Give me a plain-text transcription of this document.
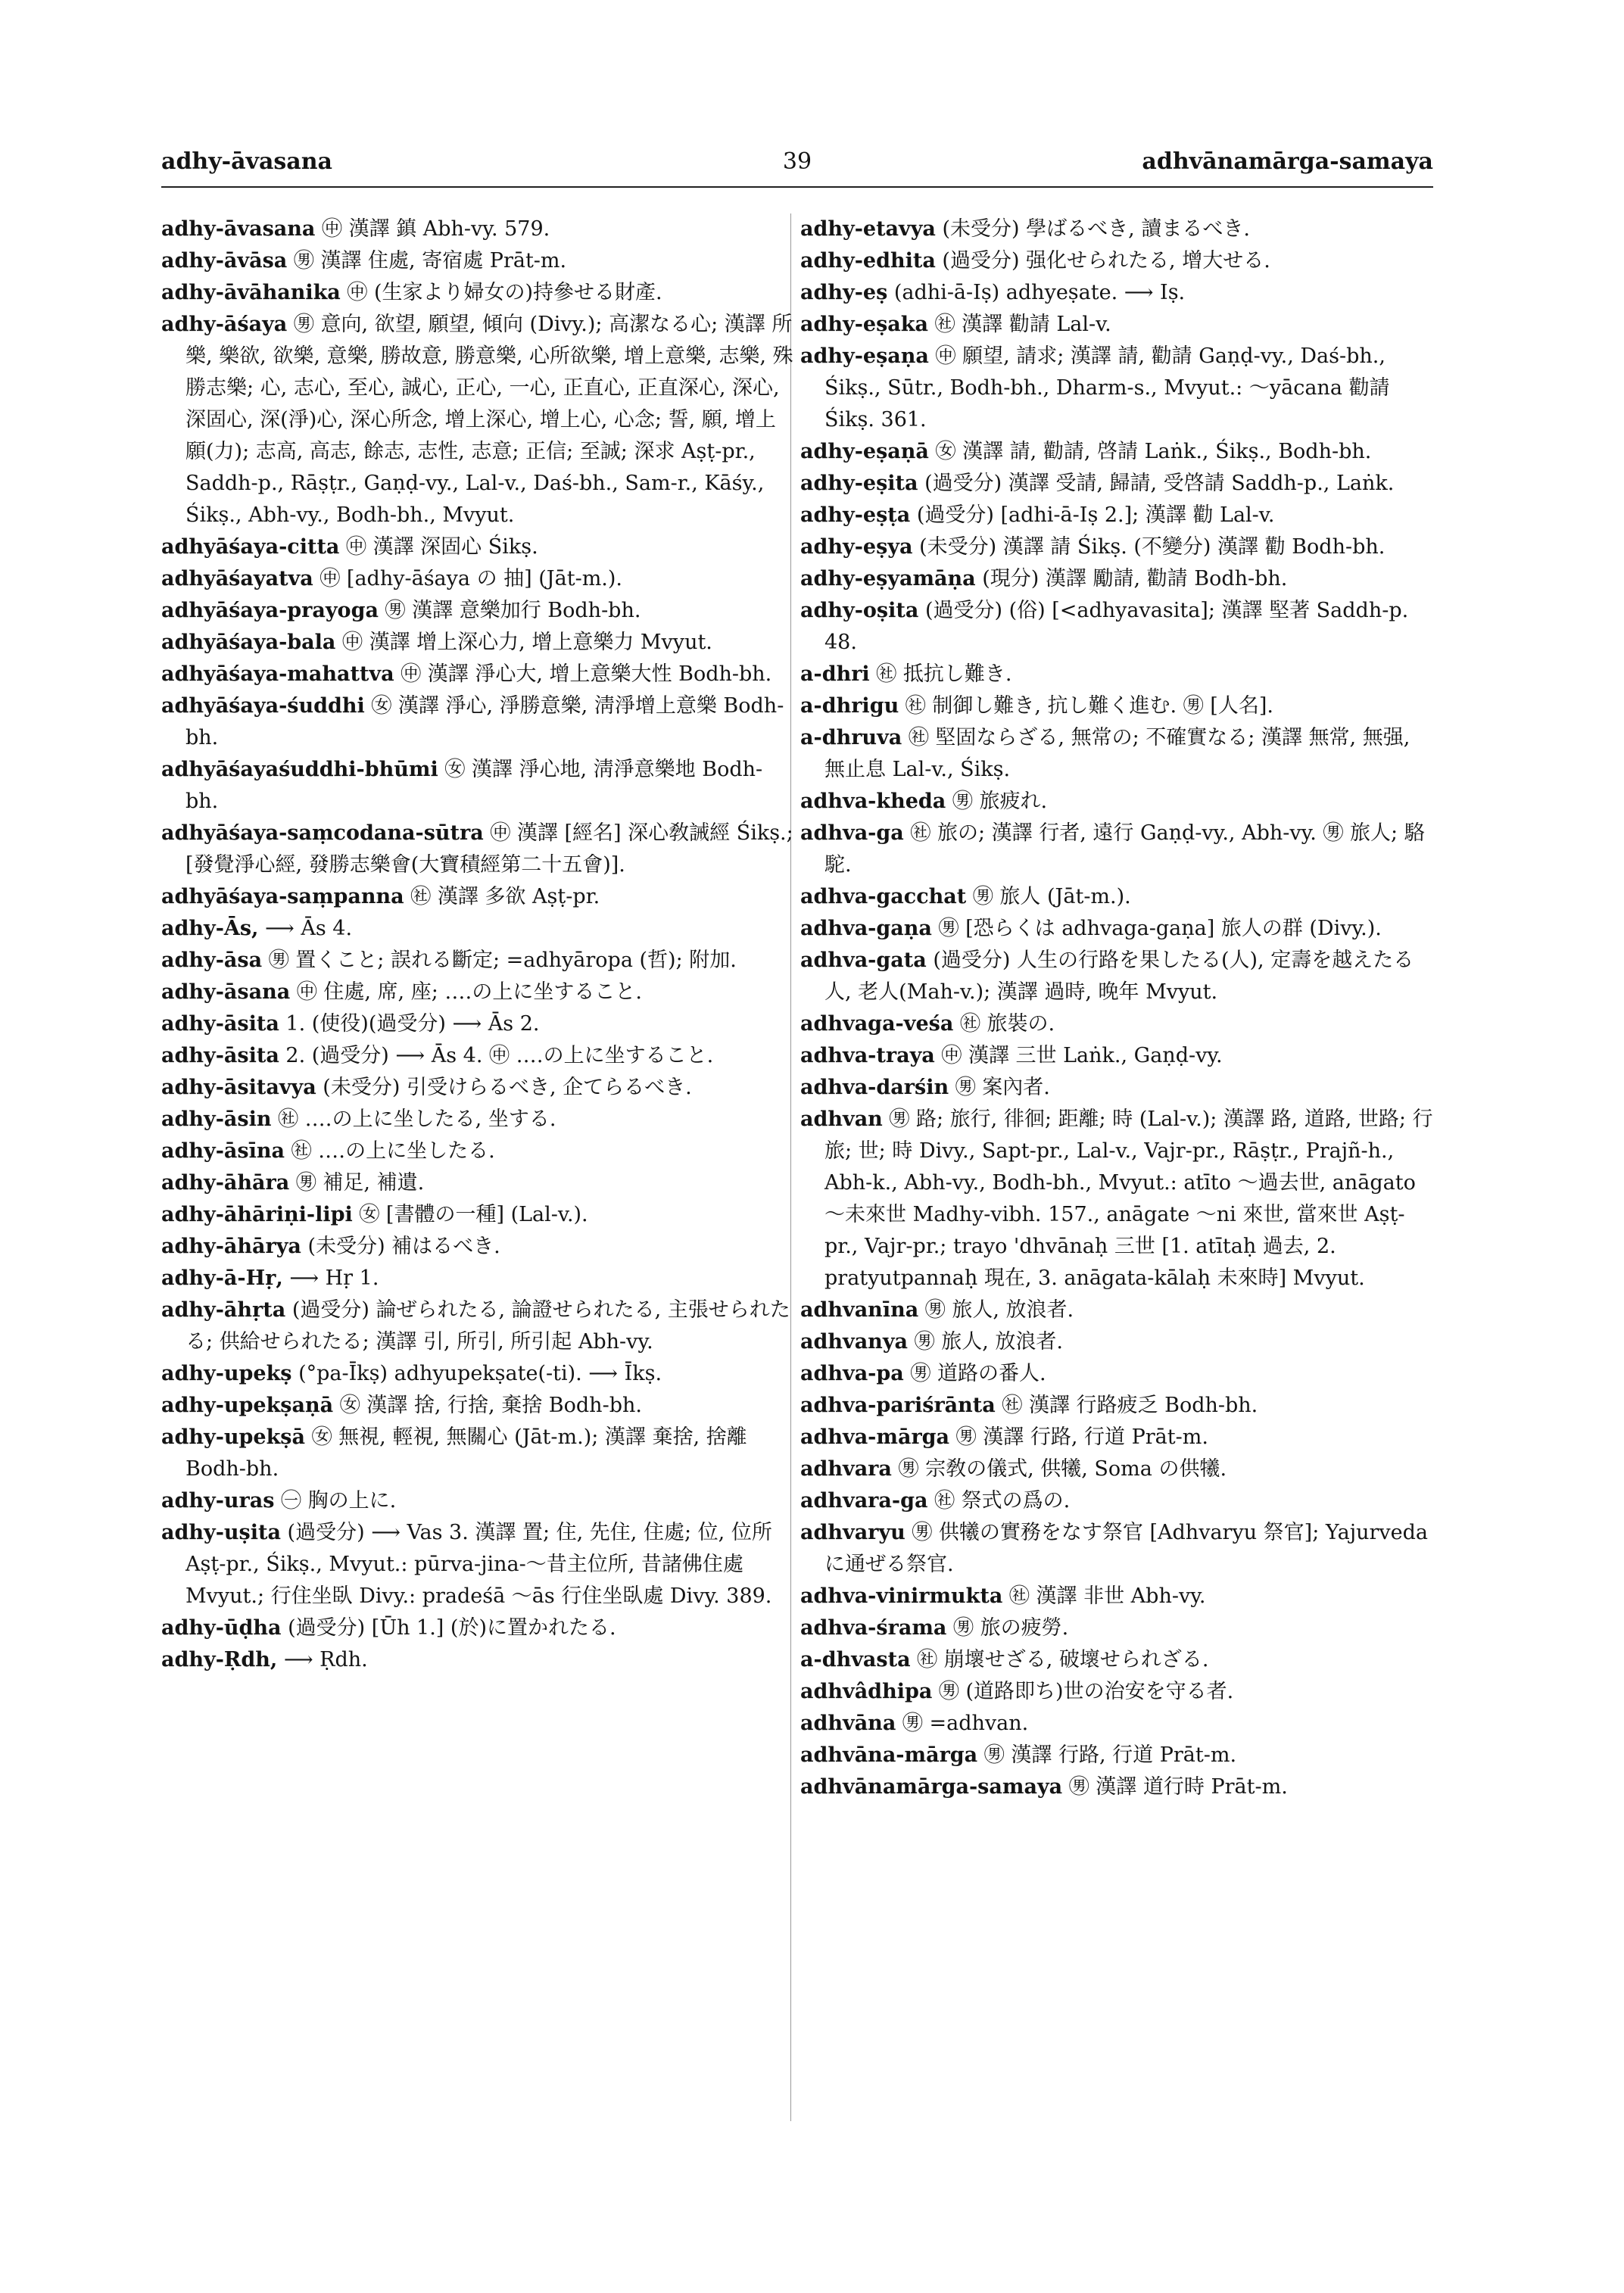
adhy-āvasana	39	adhvānamārga-samaya

adhy-āvasana ㊥ 漢譯 鎮 Abh-vy. 579.

adhy-āvāsa ㊚ 漢譯 住處, 寄宿處 Prāt-m.

adhy-āvāhanika ㊥ (生家より婦女の)持參せる財產.

adhy-āśaya ㊚ 意向, 欲望, 願望, 傾向 (Divy.); 高潔なる心; 漢譯 所樂, 樂欲, 欲樂, 意樂, 勝故意, 勝意樂, 心所欲樂, 增上意樂, 志樂, 殊勝志樂; 心, 志心, 至心, 誠心, 正心, 一心, 正直心, 正直深心, 深心, 深固心, 深(淨)心, 深心所念, 增上深心, 增上心, 心念; 誓, 願, 增上願(力); 志高, 高志, 餘志, 志性, 志意; 正信; 至誠; 深求 Aṣṭ-pr., Saddh-p., Rāṣṭr., Gaṇḍ-vy., Lal-v., Daś-bh., Sam-r., Kāśy., Śikṣ., Abh-vy., Bodh-bh., Mvyut.

adhyāśaya-citta ㊥ 漢譯 深固心 Śikṣ.

adhyāśayatva ㊥ [adhy-āśaya の 抽] (Jāt-m.).

adhyāśaya-prayoga ㊚ 漢譯 意樂加行 Bodh-bh.

adhyāśaya-bala ㊥ 漢譯 增上深心力, 增上意樂力 Mvyut.

adhyāśaya-mahattva ㊥ 漢譯 淨心大, 增上意樂大性 Bodh-bh.

adhyāśaya-śuddhi ㊛ 漢譯 淨心, 淨勝意樂, 淸淨增上意樂 Bodh-bh.

adhyāśayaśuddhi-bhūmi ㊛ 漢譯 淨心地, 淸淨意樂地 Bodh-bh.

adhyāśaya-saṃcodana-sūtra ㊥ 漢譯 [經名] 深心敎誡經 Śikṣ.; [發覺淨心經, 發勝志樂會(大寶積經第二十五會)].

adhyāśaya-saṃpanna ㊓ 漢譯 多欲 Aṣṭ-pr.

adhy-Ās, ⟶ Ās 4.

adhy-āsa ㊚ 置くこと; 誤れる斷定; =adhyāropa (哲); 附加.

adhy-āsana ㊥ 住處, 席, 座; ‥‥の上に坐すること.

adhy-āsita 1. (使役)(過受分) ⟶ Ās 2.

adhy-āsita 2. (過受分) ⟶ Ās 4. ㊥ ‥‥の上に坐すること.

adhy-āsitavya (未受分) 引受けらるべき, 企てらるべき.

adhy-āsin ㊓ ‥‥の上に坐したる, 坐する.

adhy-āsīna ㊓ ‥‥の上に坐したる.

adhy-āhāra ㊚ 補足, 補遺.

adhy-āhāriṇi-lipi ㊛ [書體の一種] (Lal-v.).

adhy-āhārya (未受分) 補はるべき.

adhy-ā-Hṛ, ⟶ Hṛ 1.

adhy-āhṛta (過受分) 論ぜられたる, 論證せられたる, 主張せられたる; 供給せられたる; 漢譯 引, 所引, 所引起 Abh-vy.

adhy-upekṣ (°pa-Īkṣ) adhyupekṣate(-ti). ⟶ Īkṣ.

adhy-upekṣaṇā ㊛ 漢譯 捨, 行捨, 棄捨 Bodh-bh.

adhy-upekṣā ㊛ 無視, 輕視, 無關心 (Jāt-m.); 漢譯 棄捨, 捨離 Bodh-bh.

adhy-uras ㊀ 胸の上に.

adhy-uṣita (過受分) ⟶ Vas 3. 漢譯 置; 住, 先住, 住處; 位, 位所 Aṣṭ-pr., Śikṣ., Mvyut.: pūrva-jina-〜昔主位所, 昔諸佛住處 Mvyut.; 行住坐臥 Divy.: pradeśā 〜ās 行住坐臥處 Divy. 389.

adhy-ūḍha (過受分) [Ūh 1.] (於)に置かれたる.

adhy-Ṛdh, ⟶ Ṛdh.

adhy-etavya (未受分) 學ばるべき, 讀まるべき.

adhy-edhita (過受分) 强化せられたる, 增大せる.

adhy-eṣ (adhi-ā-Iṣ) adhyeṣate. ⟶ Iṣ.

adhy-eṣaka ㊓ 漢譯 勸請 Lal-v.

adhy-eṣaṇa ㊥ 願望, 請求; 漢譯 請, 勸請 Gaṇḍ-vy., Daś-bh., Śikṣ., Sūtr., Bodh-bh., Dharm-s., Mvyut.: 〜yācana 勸請 Śikṣ. 361.

adhy-eṣaṇā ㊛ 漢譯 請, 勸請, 啓請 Laṅk., Śikṣ., Bodh-bh.

adhy-eṣita (過受分) 漢譯 受請, 歸請, 受啓請 Saddh-p., Laṅk.

adhy-eṣṭa (過受分) [adhi-ā-Iṣ 2.]; 漢譯 勸 Lal-v.

adhy-eṣya (未受分) 漢譯 請 Śikṣ. (不變分) 漢譯 勸 Bodh-bh.

adhy-eṣyamāṇa (現分) 漢譯 勵請, 勸請 Bodh-bh.

adhy-oṣita (過受分) (俗) [<adhyavasita]; 漢譯 堅著 Saddh-p. 48.

a-dhri ㊓ 抵抗し難き.

a-dhrigu ㊓ 制御し難き, 抗し難く進む. ㊚ [人名].

a-dhruva ㊓ 堅固ならざる, 無常の; 不確實なる; 漢譯 無常, 無强, 無止息 Lal-v., Śikṣ.

adhva-kheda ㊚ 旅疲れ.

adhva-ga ㊓ 旅の; 漢譯 行者, 遠行 Gaṇḍ-vy., Abh-vy. ㊚ 旅人; 駱駝.

adhva-gacchat ㊚ 旅人 (Jāt-m.).

adhva-gaṇa ㊚ [恐らくは adhvaga-gaṇa] 旅人の群 (Divy.).

adhva-gata (過受分) 人生の行路を果したる(人), 定壽を越えたる人, 老人(Mah-v.); 漢譯 過時, 晚年 Mvyut.

adhvaga-veśa ㊓ 旅裝の.

adhva-traya ㊥ 漢譯 三世 Laṅk., Gaṇḍ-vy.

adhva-darśin ㊚ 案內者.

adhvan ㊚ 路; 旅行, 徘徊; 距離; 時 (Lal-v.); 漢譯 路, 道路, 世路; 行旅; 世; 時 Divy., Sapt-pr., Lal-v., Vajr-pr., Rāṣṭr., Prajñ-h., Abh-k., Abh-vy., Bodh-bh., Mvyut.: atīto 〜過去世, anāgato 〜未來世 Madhy-vibh. 157., anāgate 〜ni 來世, 當來世 Aṣṭ-pr., Vajr-pr.; trayo 'dhvānaḥ 三世 [1. atītaḥ 過去, 2. pratyutpannaḥ 現在, 3. anāgata-kālaḥ 未來時] Mvyut.

adhvanīna ㊚ 旅人, 放浪者.

adhvanya ㊚ 旅人, 放浪者.

adhva-pa ㊚ 道路の番人.

adhva-pariśrānta ㊓ 漢譯 行路疲乏 Bodh-bh.

adhva-mārga ㊚ 漢譯 行路, 行道 Prāt-m.

adhvara ㊚ 宗敎の儀式, 供犧, Soma の供犧.

adhvara-ga ㊓ 祭式の爲の.

adhvaryu ㊚ 供犧の實務をなす祭官 [Adhvaryu 祭官]; Yajurveda に通ぜる祭官.

adhva-vinirmukta ㊓ 漢譯 非世 Abh-vy.

adhva-śrama ㊚ 旅の疲勞.

a-dhvasta ㊓ 崩壞せざる, 破壞せられざる.

adhvâdhipa ㊚ (道路即ち)世の治安を守る者.

adhvāna ㊚ =adhvan.

adhvāna-mārga ㊚ 漢譯 行路, 行道 Prāt-m.

adhvānamārga-samaya ㊚ 漢譯 道行時 Prāt-m.
